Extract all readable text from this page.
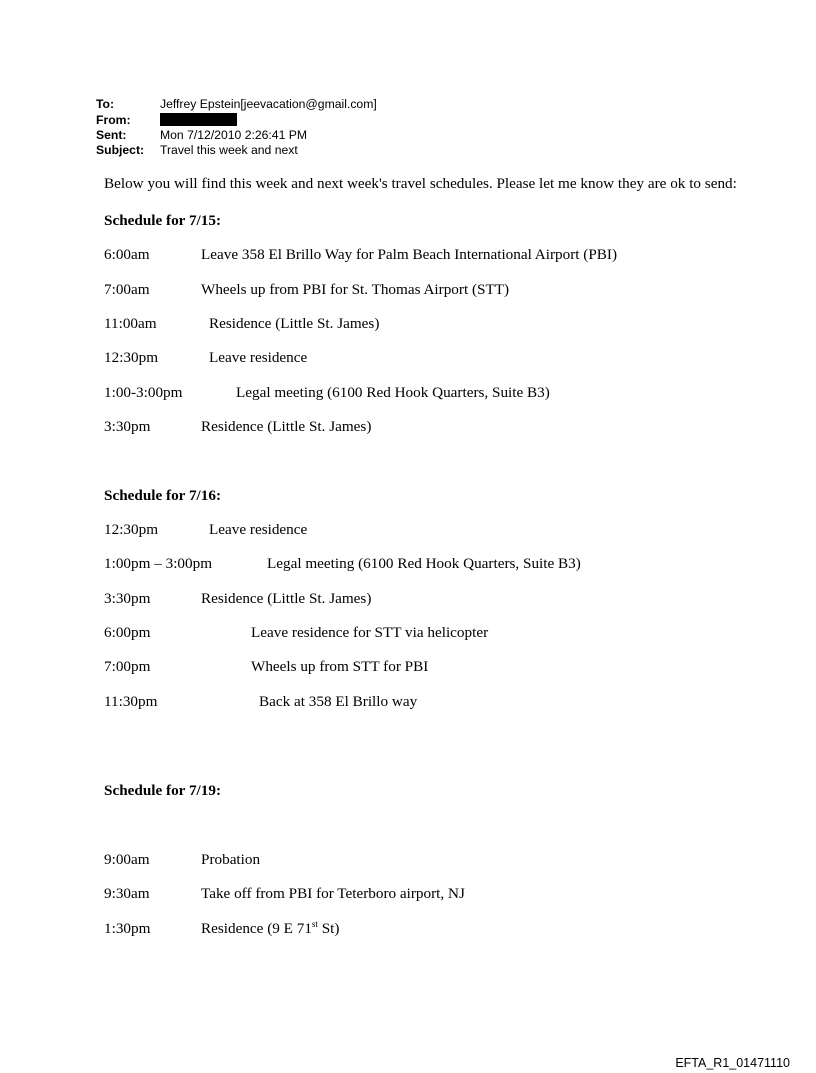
To:	Jeffrey Epstein[jeevacation@gmail.com]
From:
Sent:	Mon 7/12/2010 2:26:41 PM
Subject: Travel this week and next
Below you will find this week and next week's travel schedules. Please let me know they are ok to send:
Schedule for 7/15:
6:00am	Leave 358 El Brillo Way for Palm Beach International Airport (PBI)
7:00am	Wheels up from PBI for St. Thomas Airport (STT)
11:00am	Residence (Little St. James)
12:30pm	Leave residence
1:00-3:00pm	Legal meeting (6100 Red Hook Quarters, Suite B3)
3:30pm	Residence (Little St. James)
Schedule for 7/16:
12:30pm	Leave residence
1:00pm – 3:00pm	Legal meeting (6100 Red Hook Quarters, Suite B3)
3:30pm	Residence (Little St. James)
6:00pm	Leave residence for STT via helicopter
7:00pm	Wheels up from STT for PBI
11:30pm	Back at 358 El Brillo way
Schedule for 7/19:
9:00am	Probation
9:30am	Take off from PBI for Teterboro airport, NJ
1:30pm	Residence (9 E 71st St)
EFTA_R1_01471110
